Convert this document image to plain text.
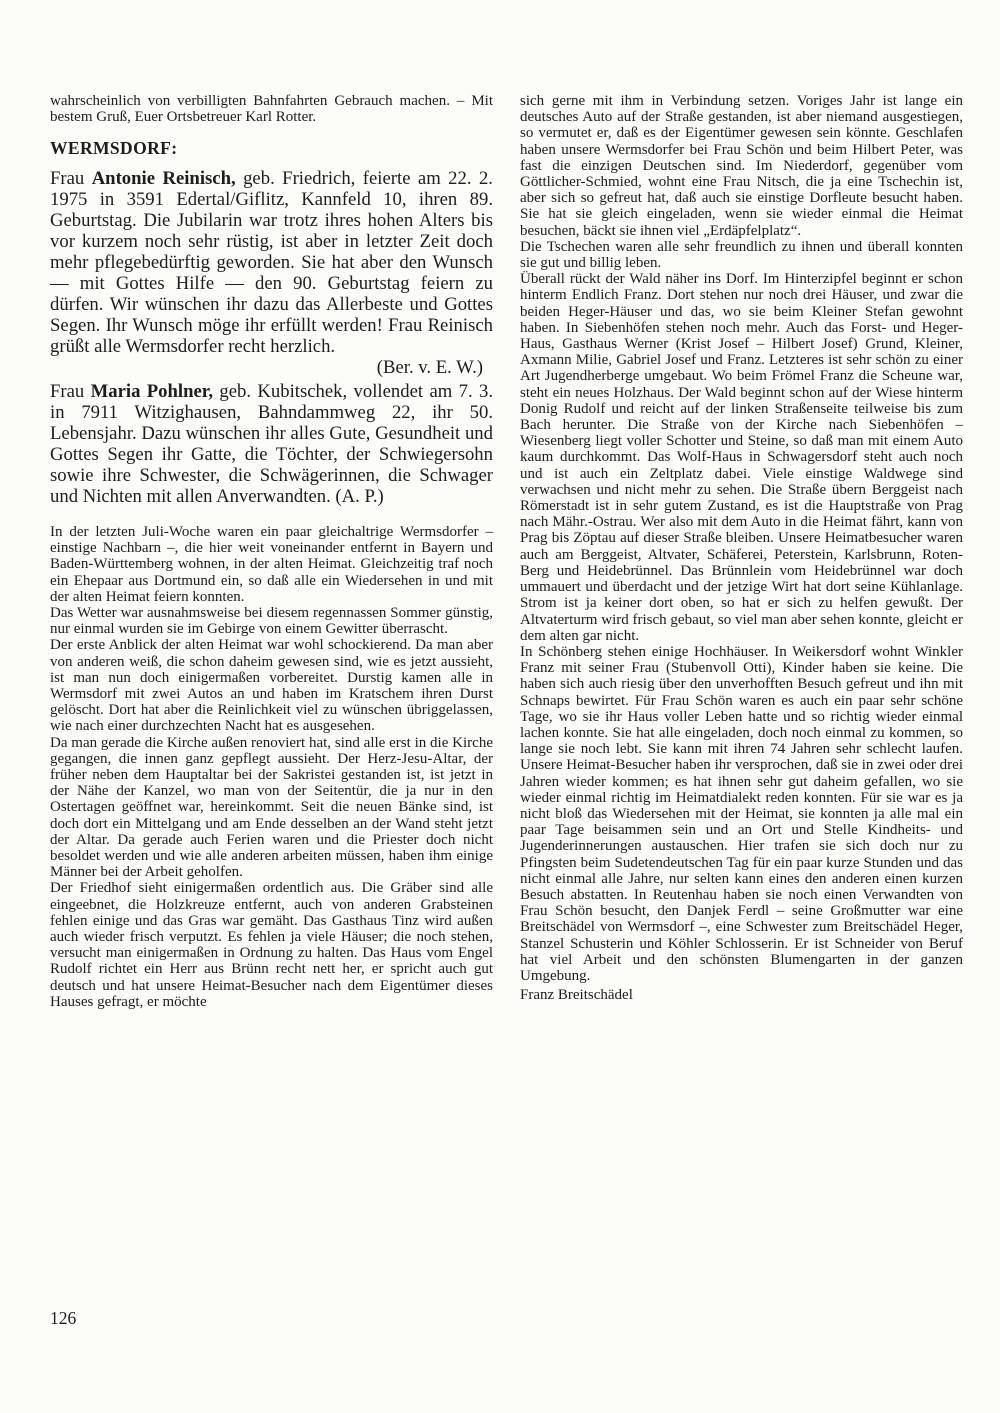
wahrscheinlich von verbilligten Bahnfahrten Gebrauch machen. – Mit bestem Gruß, Euer Ortsbetreuer Karl Rotter.

WERMSDORF:

Frau Antonie Reinisch, geb. Friedrich, feierte am 22. 2. 1975 in 3591 Edertal/Giflitz, Kannfeld 10, ihren 89. Geburtstag. Die Jubilarin war trotz ihres hohen Alters bis vor kurzem noch sehr rüstig, ist aber in letzter Zeit doch mehr pflegebedürftig geworden. Sie hat aber den Wunsch — mit Gottes Hilfe — den 90. Geburtstag feiern zu dürfen. Wir wünschen ihr dazu das Allerbeste und Gottes Segen. Ihr Wunsch möge ihr erfüllt werden! Frau Reinisch grüßt alle Wermsdorfer recht herzlich.

(Ber. v. E. W.)

Frau Maria Pohlner, geb. Kubitschek, vollendet am 7. 3. in 7911 Witzighausen, Bahndammweg 22, ihr 50. Lebensjahr. Dazu wünschen ihr alles Gute, Gesundheit und Gottes Segen ihr Gatte, die Töchter, der Schwiegersohn sowie ihre Schwester, die Schwägerinnen, die Schwager und Nichten mit allen Anverwandten. (A. P.)

In der letzten Juli-Woche waren ein paar gleichaltrige Wermsdorfer – einstige Nachbarn –, die hier weit voneinander entfernt in Bayern und Baden-Württemberg wohnen, in der alten Heimat. Gleichzeitig traf noch ein Ehepaar aus Dortmund ein, so daß alle ein Wiedersehen in und mit der alten Heimat feiern konnten.

Das Wetter war ausnahmsweise bei diesem regennassen Sommer günstig, nur einmal wurden sie im Gebirge von einem Gewitter überrascht.

Der erste Anblick der alten Heimat war wohl schockierend. Da man aber von anderen weiß, die schon daheim gewesen sind, wie es jetzt aussieht, ist man nun doch einigermaßen vorbereitet. Durstig kamen alle in Wermsdorf mit zwei Autos an und haben im Kratschem ihren Durst gelöscht. Dort hat aber die Reinlichkeit viel zu wünschen übriggelassen, wie nach einer durchzechten Nacht hat es ausgesehen.

Da man gerade die Kirche außen renoviert hat, sind alle erst in die Kirche gegangen, die innen ganz gepflegt aussieht. Der Herz-Jesu-Altar, der früher neben dem Hauptaltar bei der Sakristei gestanden ist, ist jetzt in der Nähe der Kanzel, wo man von der Seitentür, die ja nur in den Ostertagen geöffnet war, hereinkommt. Seit die neuen Bänke sind, ist doch dort ein Mittelgang und am Ende desselben an der Wand steht jetzt der Altar. Da gerade auch Ferien waren und die Priester doch nicht besoldet werden und wie alle anderen arbeiten müssen, haben ihm einige Männer bei der Arbeit geholfen.

Der Friedhof sieht einigermaßen ordentlich aus. Die Gräber sind alle eingeebnet, die Holzkreuze entfernt, auch von anderen Grabsteinen fehlen einige und das Gras war gemäht. Das Gasthaus Tinz wird außen auch wieder frisch verputzt. Es fehlen ja viele Häuser; die noch stehen, versucht man einigermaßen in Ordnung zu halten. Das Haus vom Engel Rudolf richtet ein Herr aus Brünn recht nett her, er spricht auch gut deutsch und hat unsere Heimat-Besucher nach dem Eigentümer dieses Hauses gefragt, er möchte

sich gerne mit ihm in Verbindung setzen. Voriges Jahr ist lange ein deutsches Auto auf der Straße gestanden, ist aber niemand ausgestiegen, so vermutet er, daß es der Eigentümer gewesen sein könnte. Geschlafen haben unsere Wermsdorfer bei Frau Schön und beim Hilbert Peter, was fast die einzigen Deutschen sind. Im Niederdorf, gegenüber vom Göttlicher-Schmied, wohnt eine Frau Nitsch, die ja eine Tschechin ist, aber sich so gefreut hat, daß auch sie einstige Dorfleute besucht haben. Sie hat sie gleich eingeladen, wenn sie wieder einmal die Heimat besuchen, bäckt sie ihnen viel „Erdäpfelplatz“.

Die Tschechen waren alle sehr freundlich zu ihnen und überall konnten sie gut und billig leben.

Überall rückt der Wald näher ins Dorf. Im Hinterzipfel beginnt er schon hinterm Endlich Franz. Dort stehen nur noch drei Häuser, und zwar die beiden Heger-Häuser und das, wo sie beim Kleiner Stefan gewohnt haben. In Siebenhöfen stehen noch mehr. Auch das Forst- und Heger-Haus, Gasthaus Werner (Krist Josef – Hilbert Josef) Grund, Kleiner, Axmann Milie, Gabriel Josef und Franz. Letzteres ist sehr schön zu einer Art Jugendherberge umgebaut. Wo beim Frömel Franz die Scheune war, steht ein neues Holzhaus. Der Wald beginnt schon auf der Wiese hinterm Donig Rudolf und reicht auf der linken Straßenseite teilweise bis zum Bach herunter. Die Straße von der Kirche nach Siebenhöfen – Wiesenberg liegt voller Schotter und Steine, so daß man mit einem Auto kaum durchkommt. Das Wolf-Haus in Schwagersdorf steht auch noch und ist auch ein Zeltplatz dabei. Viele einstige Waldwege sind verwachsen und nicht mehr zu sehen. Die Straße übern Berggeist nach Römerstadt ist in sehr gutem Zustand, es ist die Hauptstraße von Prag nach Mähr.-Ostrau. Wer also mit dem Auto in die Heimat fährt, kann von Prag bis Zöptau auf dieser Straße bleiben. Unsere Heimatbesucher waren auch am Berggeist, Altvater, Schäferei, Peterstein, Karlsbrunn, Roten-Berg und Heidebrünnel. Das Brünnlein vom Heidebrünnel war doch ummauert und überdacht und der jetzige Wirt hat dort seine Kühlanlage. Strom ist ja keiner dort oben, so hat er sich zu helfen gewußt. Der Altvaterturm wird frisch gebaut, so viel man aber sehen konnte, gleicht er dem alten gar nicht.

In Schönberg stehen einige Hochhäuser. In Weikersdorf wohnt Winkler Franz mit seiner Frau (Stubenvoll Otti), Kinder haben sie keine. Die haben sich auch riesig über den unverhofften Besuch gefreut und ihn mit Schnaps bewirtet. Für Frau Schön waren es auch ein paar sehr schöne Tage, wo sie ihr Haus voller Leben hatte und so richtig wieder einmal lachen konnte. Sie hat alle eingeladen, doch noch einmal zu kommen, so lange sie noch lebt. Sie kann mit ihren 74 Jahren sehr schlecht laufen. Unsere Heimat-Besucher haben ihr versprochen, daß sie in zwei oder drei Jahren wieder kommen; es hat ihnen sehr gut daheim gefallen, wo sie wieder einmal richtig im Heimatdialekt reden konnten. Für sie war es ja nicht bloß das Wiedersehen mit der Heimat, sie konnten ja alle mal ein paar Tage beisammen sein und an Ort und Stelle Kindheits- und Jugenderinnerungen austauschen. Hier trafen sie sich doch nur zu Pfingsten beim Sudetendeutschen Tag für ein paar kurze Stunden und das nicht einmal alle Jahre, nur selten kann eines den anderen einen kurzen Besuch abstatten. In Reutenhau haben sie noch einen Verwandten von Frau Schön besucht, den Danjek Ferdl – seine Großmutter war eine Breitschädel von Wermsdorf –, eine Schwester zum Breitschädel Heger, Stanzel Schusterin und Köhler Schlosserin. Er ist Schneider von Beruf hat viel Arbeit und den schönsten Blumengarten in der ganzen Umgebung.

Franz Breitschädel

126
